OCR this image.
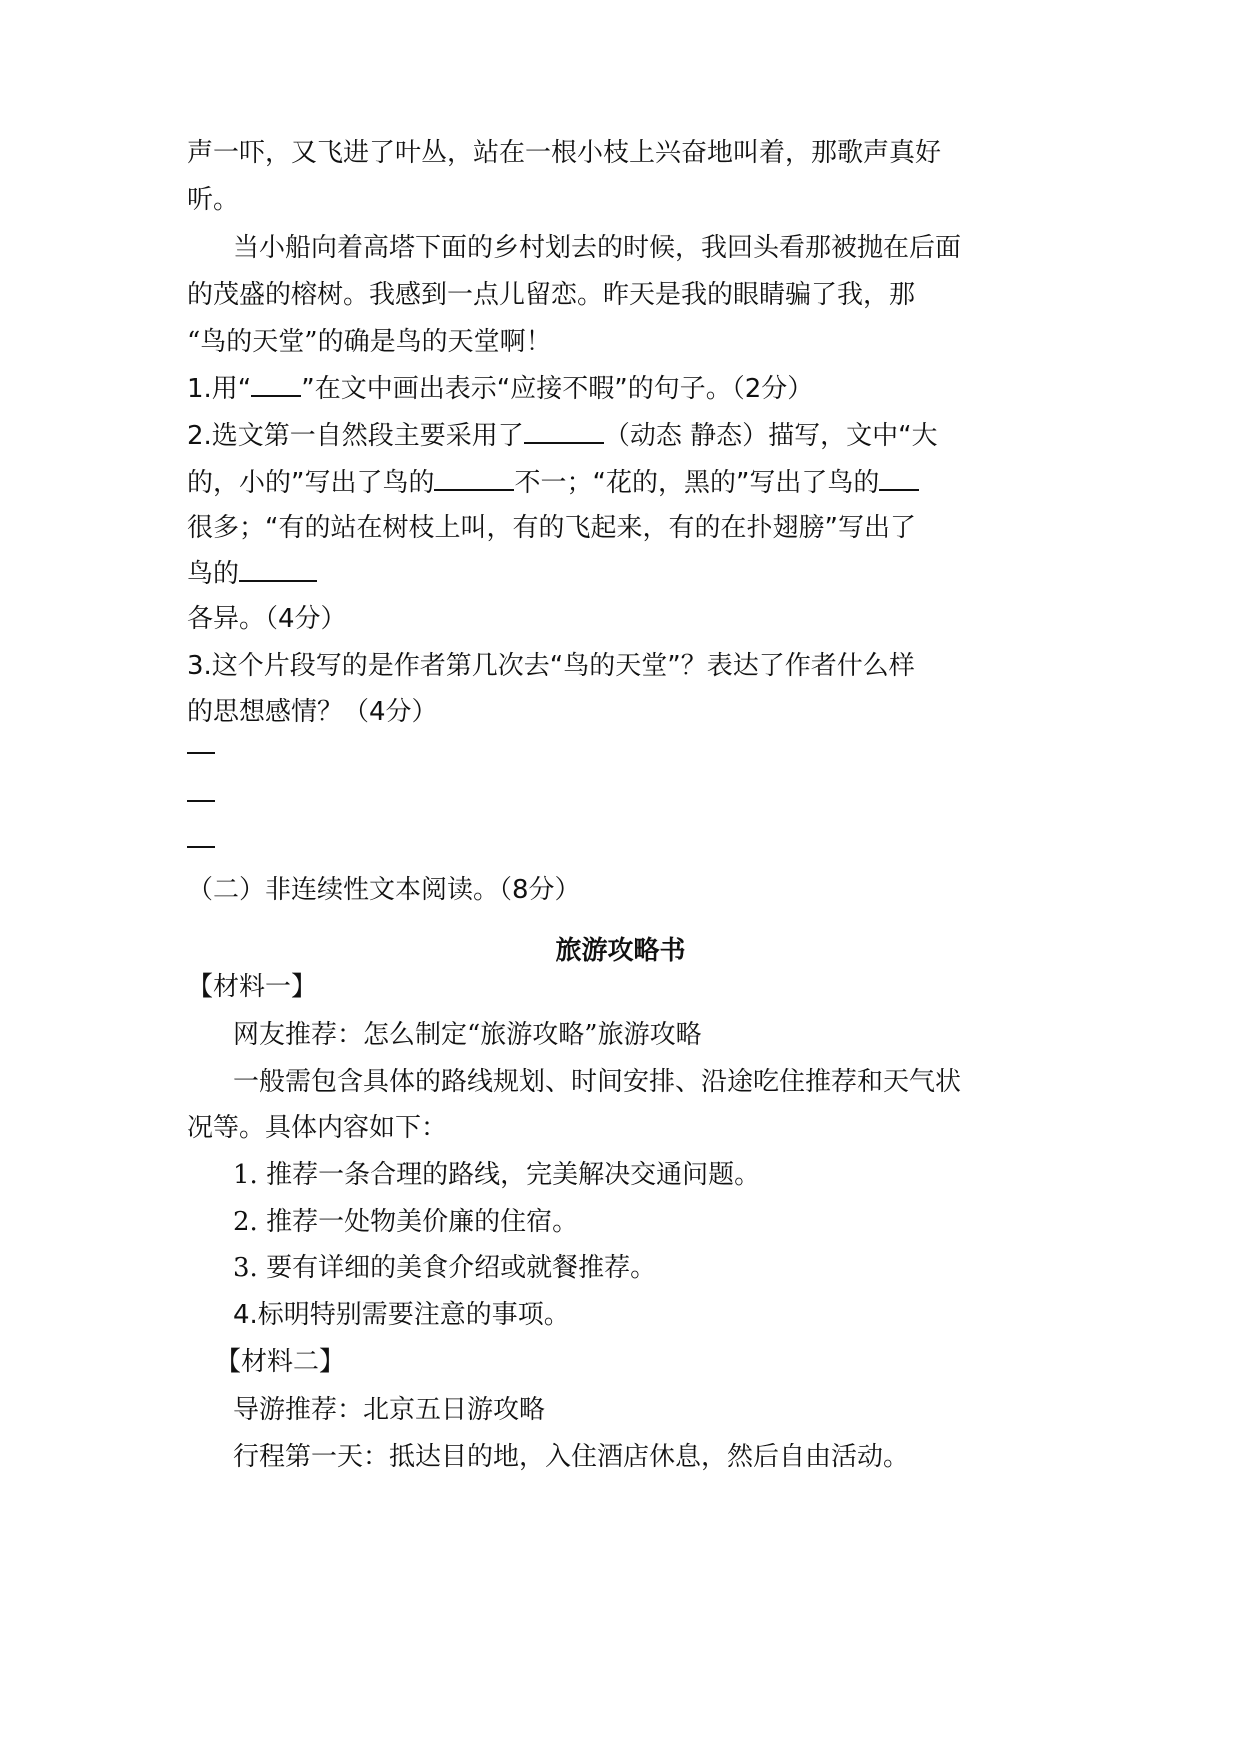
声一吓，又飞进了叶丛，站在一根小枝上兴奋地叫着，那歌声真好
听。
当小船向着高塔下面的乡村划去的时候，我回头看那被抛在后面
的茂盛的榕树。我感到一点儿留恋。昨天是我的眼睛骗了我，那
“鸟的天堂”的确是鸟的天堂啊！
1.用“ ”在文中画出表示“应接不暇”的句子。（2分）
2.选文第一自然段主要采用了	（动态 静态）描写，文中“大
的，小的”写出了鸟的	不一；“花的，黑的”写出了鸟的
很多；“有的站在树枝上叫，有的飞起来，有的在扑翅膀”写出了
鸟的
各异。（4分）
3.这个片段写的是作者第几次去“鸟的天堂”？表达了作者什么样
的思想感情？（4分）
（二）非连续性文本阅读。（8分）
旅游攻略书
【材料一】
网友推荐：怎么制定“旅游攻略”旅游攻略
一般需包含具体的路线规划、时间安排、沿途吃住推荐和天气状
况等。具体内容如下：
1. 推荐一条合理的路线，完美解决交通问题。
2. 推荐一处物美价廉的住宿。
3. 要有详细的美食介绍或就餐推荐。
4.标明特别需要注意的事项。
【材料二】
导游推荐：北京五日游攻略
行程第一天：抵达目的地，入住酒店休息，然后自由活动。
